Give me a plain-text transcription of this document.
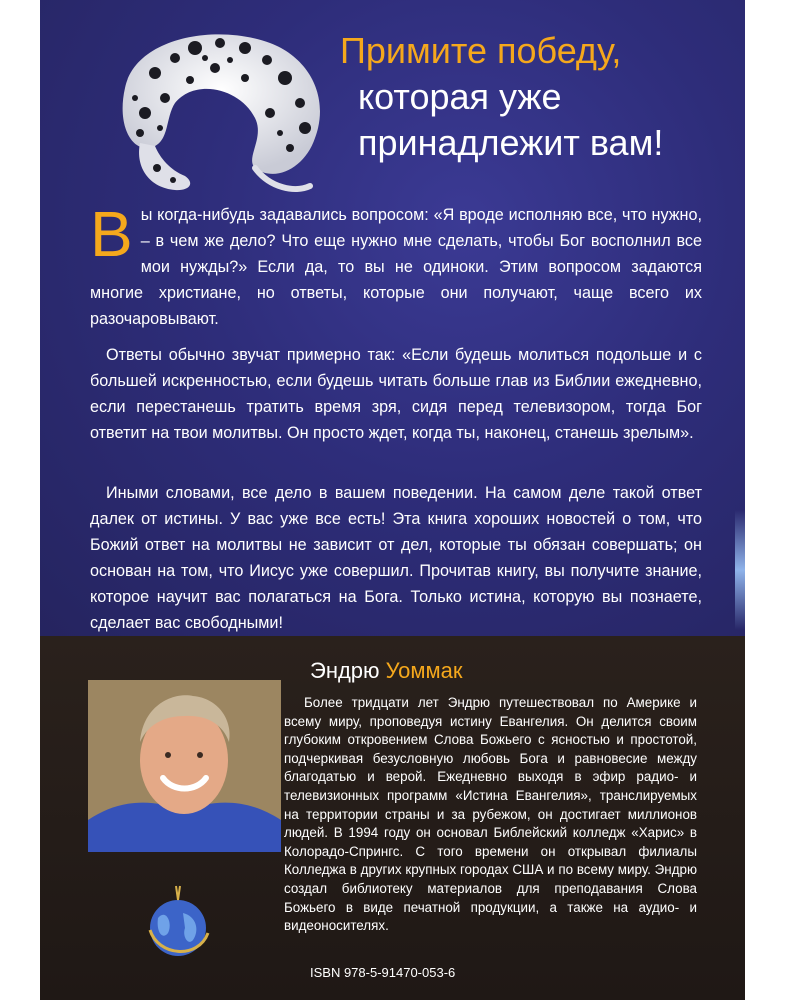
Примите победу,
которая уже
принадлежит вам!
Вы когда-нибудь задавались вопросом: «Я вроде исполняю все, что нужно, – в чем же дело? Что еще нужно мне сделать, чтобы Бог восполнил все мои нужды?» Если да, то вы не одиноки. Этим вопросом задаются многие христиане, но ответы, которые они получают, чаще всего их разочаровывают.
Ответы обычно звучат примерно так: «Если будешь молиться подольше и с большей искренностью, если будешь читать больше глав из Библии ежедневно, если перестанешь тратить время зря, сидя перед телевизором, тогда Бог ответит на твои молитвы. Он просто ждет, когда ты, наконец, станешь зрелым».
Иными словами, все дело в вашем поведении. На самом деле такой ответ далек от истины. У вас уже все есть! Эта книга хороших новостей о том, что Божий ответ на молитвы не зависит от дел, которые ты обязан совершать; он основан на том, что Иисус уже совершил. Прочитав книгу, вы получите знание, которое научит вас полагаться на Бога. Только истина, которую вы познаете, сделает вас свободными!
Эндрю Уоммак
Более тридцати лет Эндрю путешествовал по Америке и всему миру, проповедуя истину Евангелия. Он делится своим глубоким откровением Слова Божьего с ясностью и простотой, подчеркивая безусловную любовь Бога и равновесие между благодатью и верой. Ежедневно выходя в эфир радио- и телевизионных программ «Истина Евангелия», транслируемых на территории страны и за рубежом, он достигает миллионов людей. В 1994 году он основал Библейский колледж «Харис» в Колорадо-Спрингс. С того времени он открывал филиалы Колледжа в других крупных городах США и по всему миру. Эндрю создал библиотеку материалов для преподавания Слова Божьего в виде печатной продукции, а также на аудио- и видеоносителях.
ISBN 978-5-91470-053-6
